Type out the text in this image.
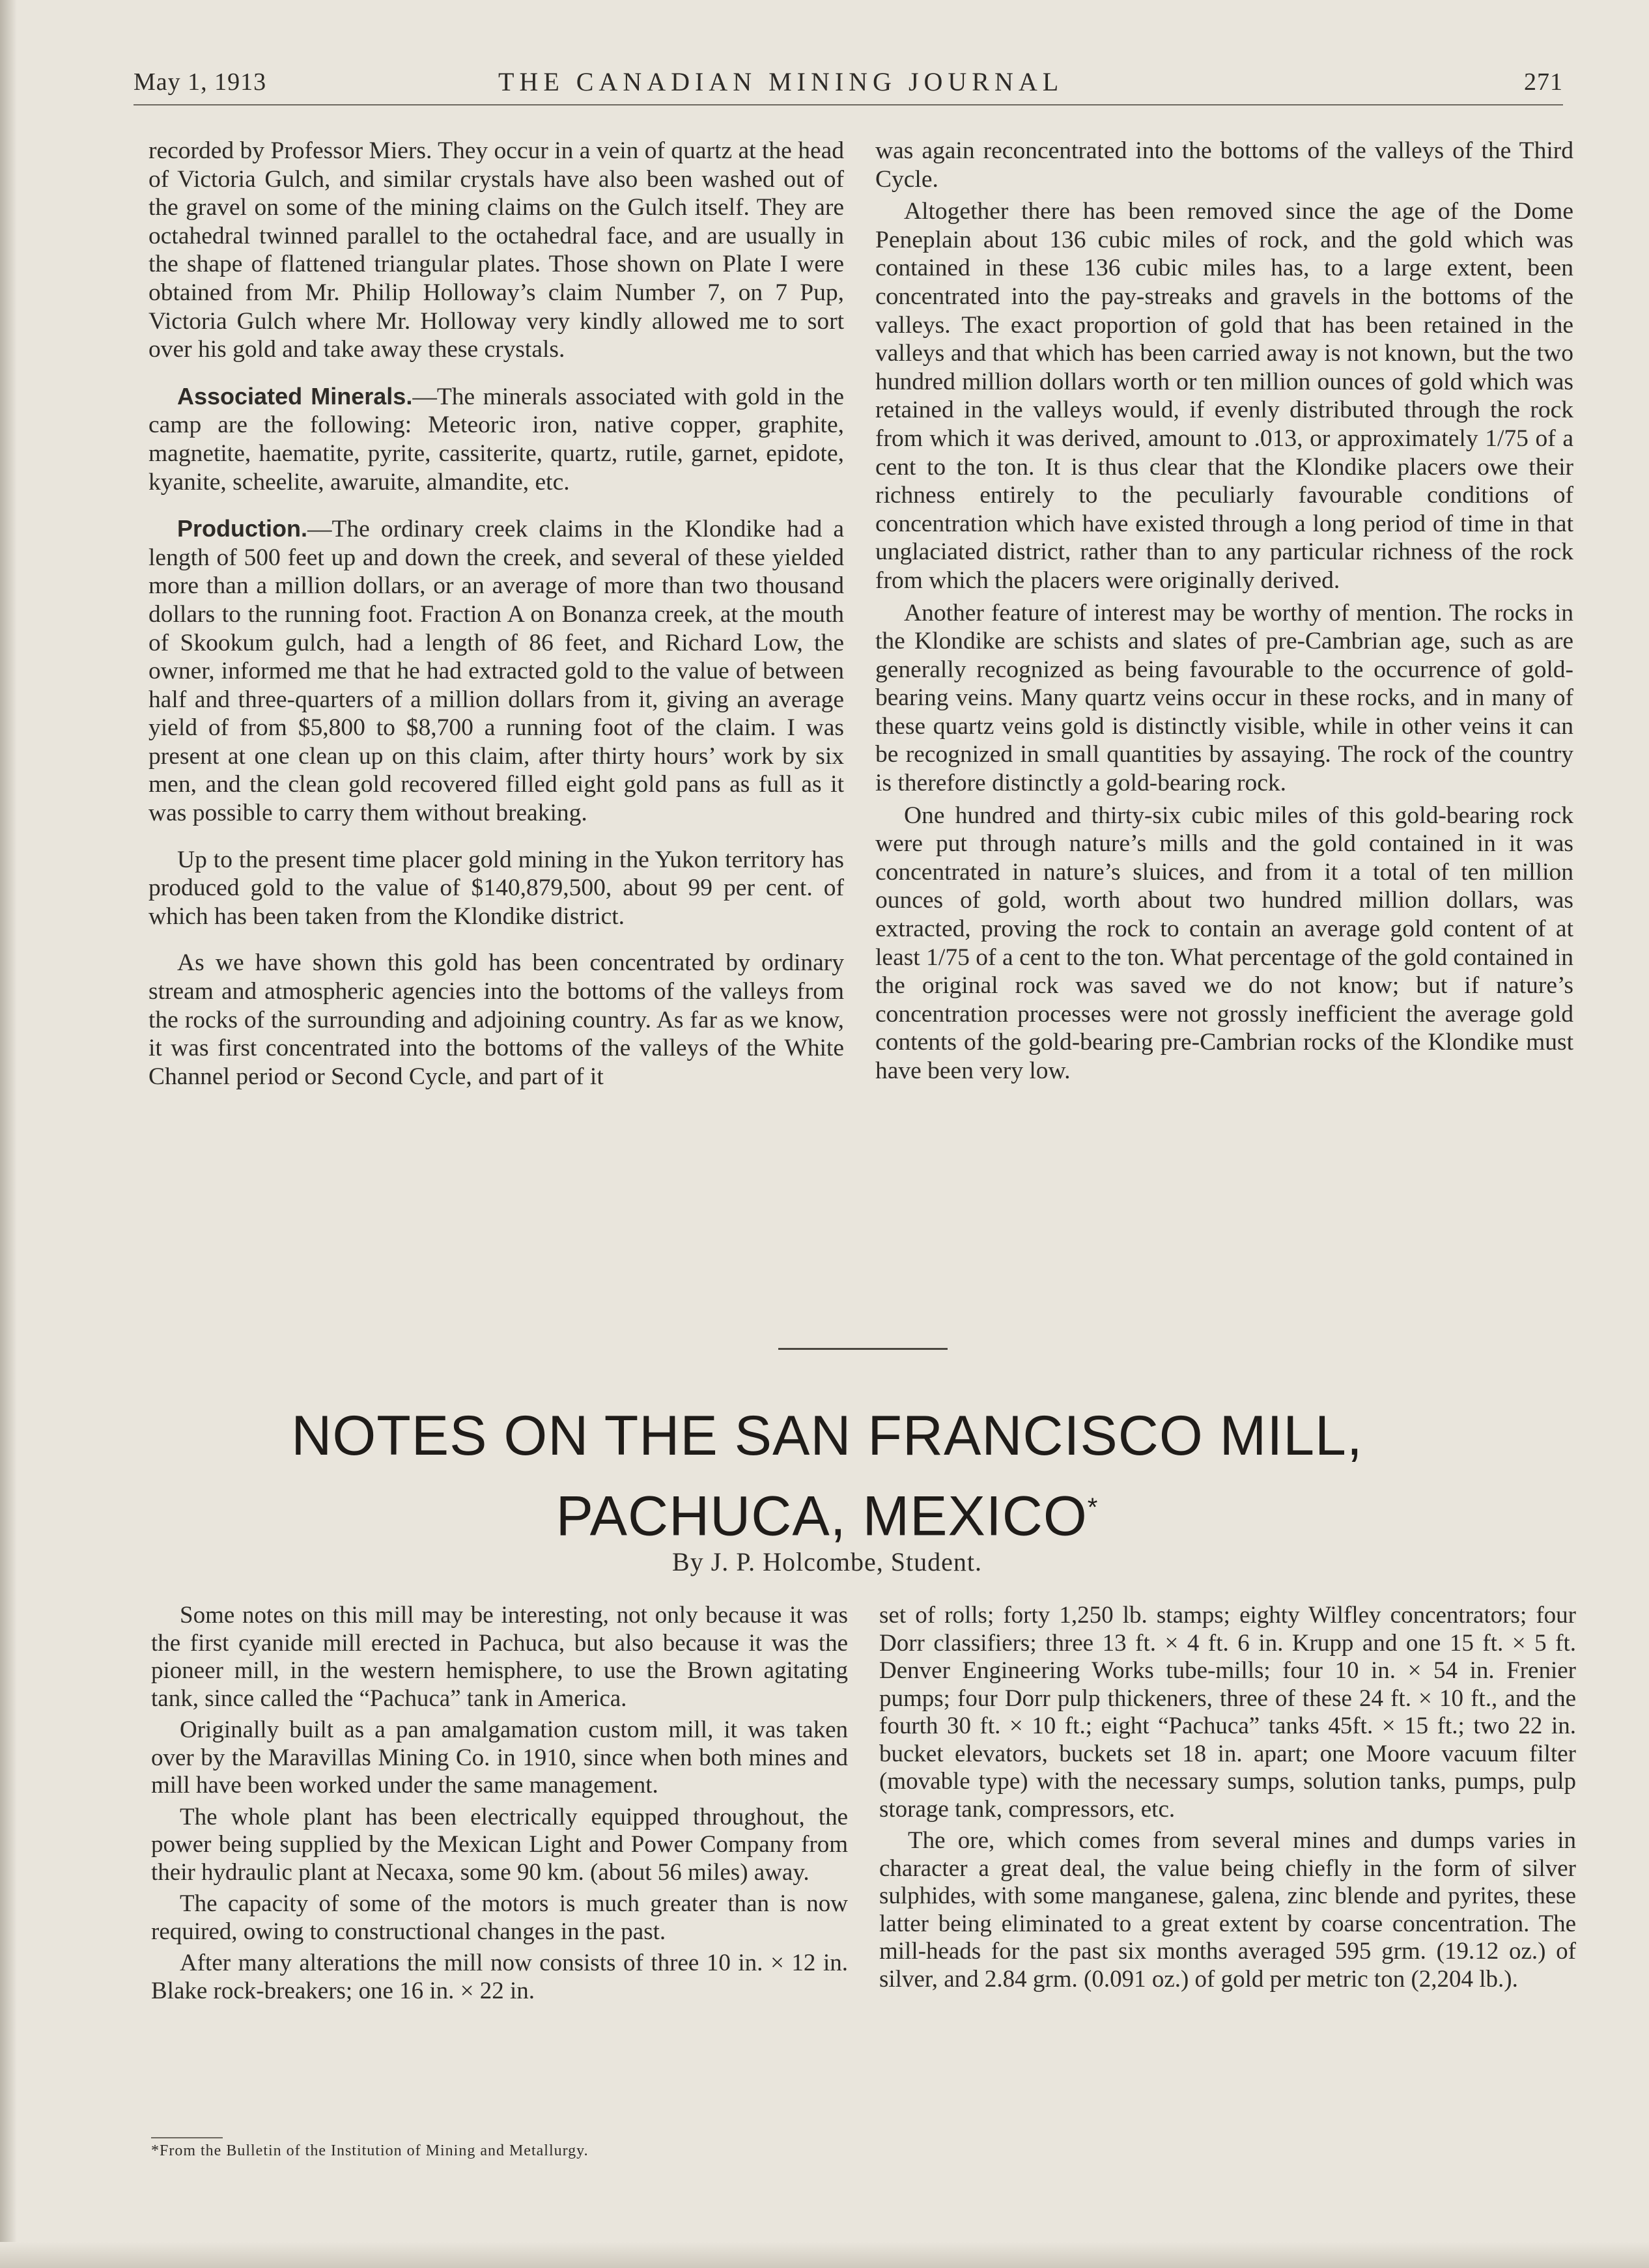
May 1, 1913	THE CANADIAN MINING JOURNAL	271

recorded by Professor Miers. They occur in a vein of quartz at the head of Victoria Gulch, and similar crystals have also been washed out of the gravel on some of the mining claims on the Gulch itself. They are octahedral twinned parallel to the octahedral face, and are usually in the shape of flattened triangular plates. Those shown on Plate I were obtained from Mr. Philip Holloway’s claim Number 7, on 7 Pup, Victoria Gulch where Mr. Holloway very kindly allowed me to sort over his gold and take away these crystals.

Associated Minerals.—The minerals associated with gold in the camp are the following: Meteoric iron, native copper, graphite, magnetite, haematite, pyrite, cassiterite, quartz, rutile, garnet, epidote, kyanite, scheelite, awaruite, almandite, etc.

Production.—The ordinary creek claims in the Klondike had a length of 500 feet up and down the creek, and several of these yielded more than a million dollars, or an average of more than two thousand dollars to the running foot. Fraction A on Bonanza creek, at the mouth of Skookum gulch, had a length of 86 feet, and Richard Low, the owner, informed me that he had extracted gold to the value of between half and three-quarters of a million dollars from it, giving an average yield of from $5,800 to $8,700 a running foot of the claim. I was present at one clean up on this claim, after thirty hours’ work by six men, and the clean gold recovered filled eight gold pans as full as it was possible to carry them without breaking.

Up to the present time placer gold mining in the Yukon territory has produced gold to the value of $140,879,500, about 99 per cent. of which has been taken from the Klondike district.

As we have shown this gold has been concentrated by ordinary stream and atmospheric agencies into the bottoms of the valleys from the rocks of the surrounding and adjoining country. As far as we know, it was first concentrated into the bottoms of the valleys of the White Channel period or Second Cycle, and part of it

was again reconcentrated into the bottoms of the valleys of the Third Cycle.

Altogether there has been removed since the age of the Dome Peneplain about 136 cubic miles of rock, and the gold which was contained in these 136 cubic miles has, to a large extent, been concentrated into the pay-streaks and gravels in the bottoms of the valleys. The exact proportion of gold that has been retained in the valleys and that which has been carried away is not known, but the two hundred million dollars worth or ten million ounces of gold which was retained in the valleys would, if evenly distributed through the rock from which it was derived, amount to .013, or approximately 1/75 of a cent to the ton. It is thus clear that the Klondike placers owe their richness entirely to the peculiarly favourable conditions of concentration which have existed through a long period of time in that unglaciated district, rather than to any particular richness of the rock from which the placers were originally derived.

Another feature of interest may be worthy of mention. The rocks in the Klondike are schists and slates of pre-Cambrian age, such as are generally recognized as being favourable to the occurrence of gold-bearing veins. Many quartz veins occur in these rocks, and in many of these quartz veins gold is distinctly visible, while in other veins it can be recognized in small quantities by assaying. The rock of the country is therefore distinctly a gold-bearing rock.

One hundred and thirty-six cubic miles of this gold-bearing rock were put through nature’s mills and the gold contained in it was concentrated in nature’s sluices, and from it a total of ten million ounces of gold, worth about two hundred million dollars, was extracted, proving the rock to contain an average gold content of at least 1/75 of a cent to the ton. What percentage of the gold contained in the original rock was saved we do not know; but if nature’s concentration processes were not grossly inefficient the average gold contents of the gold-bearing pre-Cambrian rocks of the Klondike must have been very low.

NOTES ON THE SAN FRANCISCO MILL,
PACHUCA, MEXICO*
By J. P. Holcombe, Student.

Some notes on this mill may be interesting, not only because it was the first cyanide mill erected in Pachuca, but also because it was the pioneer mill, in the western hemisphere, to use the Brown agitating tank, since called the “Pachuca” tank in America.

Originally built as a pan amalgamation custom mill, it was taken over by the Maravillas Mining Co. in 1910, since when both mines and mill have been worked under the same management.

The whole plant has been electrically equipped throughout, the power being supplied by the Mexican Light and Power Company from their hydraulic plant at Necaxa, some 90 km. (about 56 miles) away.

The capacity of some of the motors is much greater than is now required, owing to constructional changes in the past.

After many alterations the mill now consists of three 10 in. × 12 in. Blake rock-breakers; one 16 in. × 22 in.

set of rolls; forty 1,250 lb. stamps; eighty Wilfley concentrators; four Dorr classifiers; three 13 ft. × 4 ft. 6 in. Krupp and one 15 ft. × 5 ft. Denver Engineering Works tube-mills; four 10 in. × 54 in. Frenier pumps; four Dorr pulp thickeners, three of these 24 ft. × 10 ft., and the fourth 30 ft. × 10 ft.; eight “Pachuca” tanks 45ft. × 15 ft.; two 22 in. bucket elevators, buckets set 18 in. apart; one Moore vacuum filter (movable type) with the necessary sumps, solution tanks, pumps, pulp storage tank, compressors, etc.

The ore, which comes from several mines and dumps varies in character a great deal, the value being chiefly in the form of silver sulphides, with some manganese, galena, zinc blende and pyrites, these latter being eliminated to a great extent by coarse concentration. The mill-heads for the past six months averaged 595 grm. (19.12 oz.) of silver, and 2.84 grm. (0.091 oz.) of gold per metric ton (2,204 lb.).

*From the Bulletin of the Institution of Mining and Metallurgy.
